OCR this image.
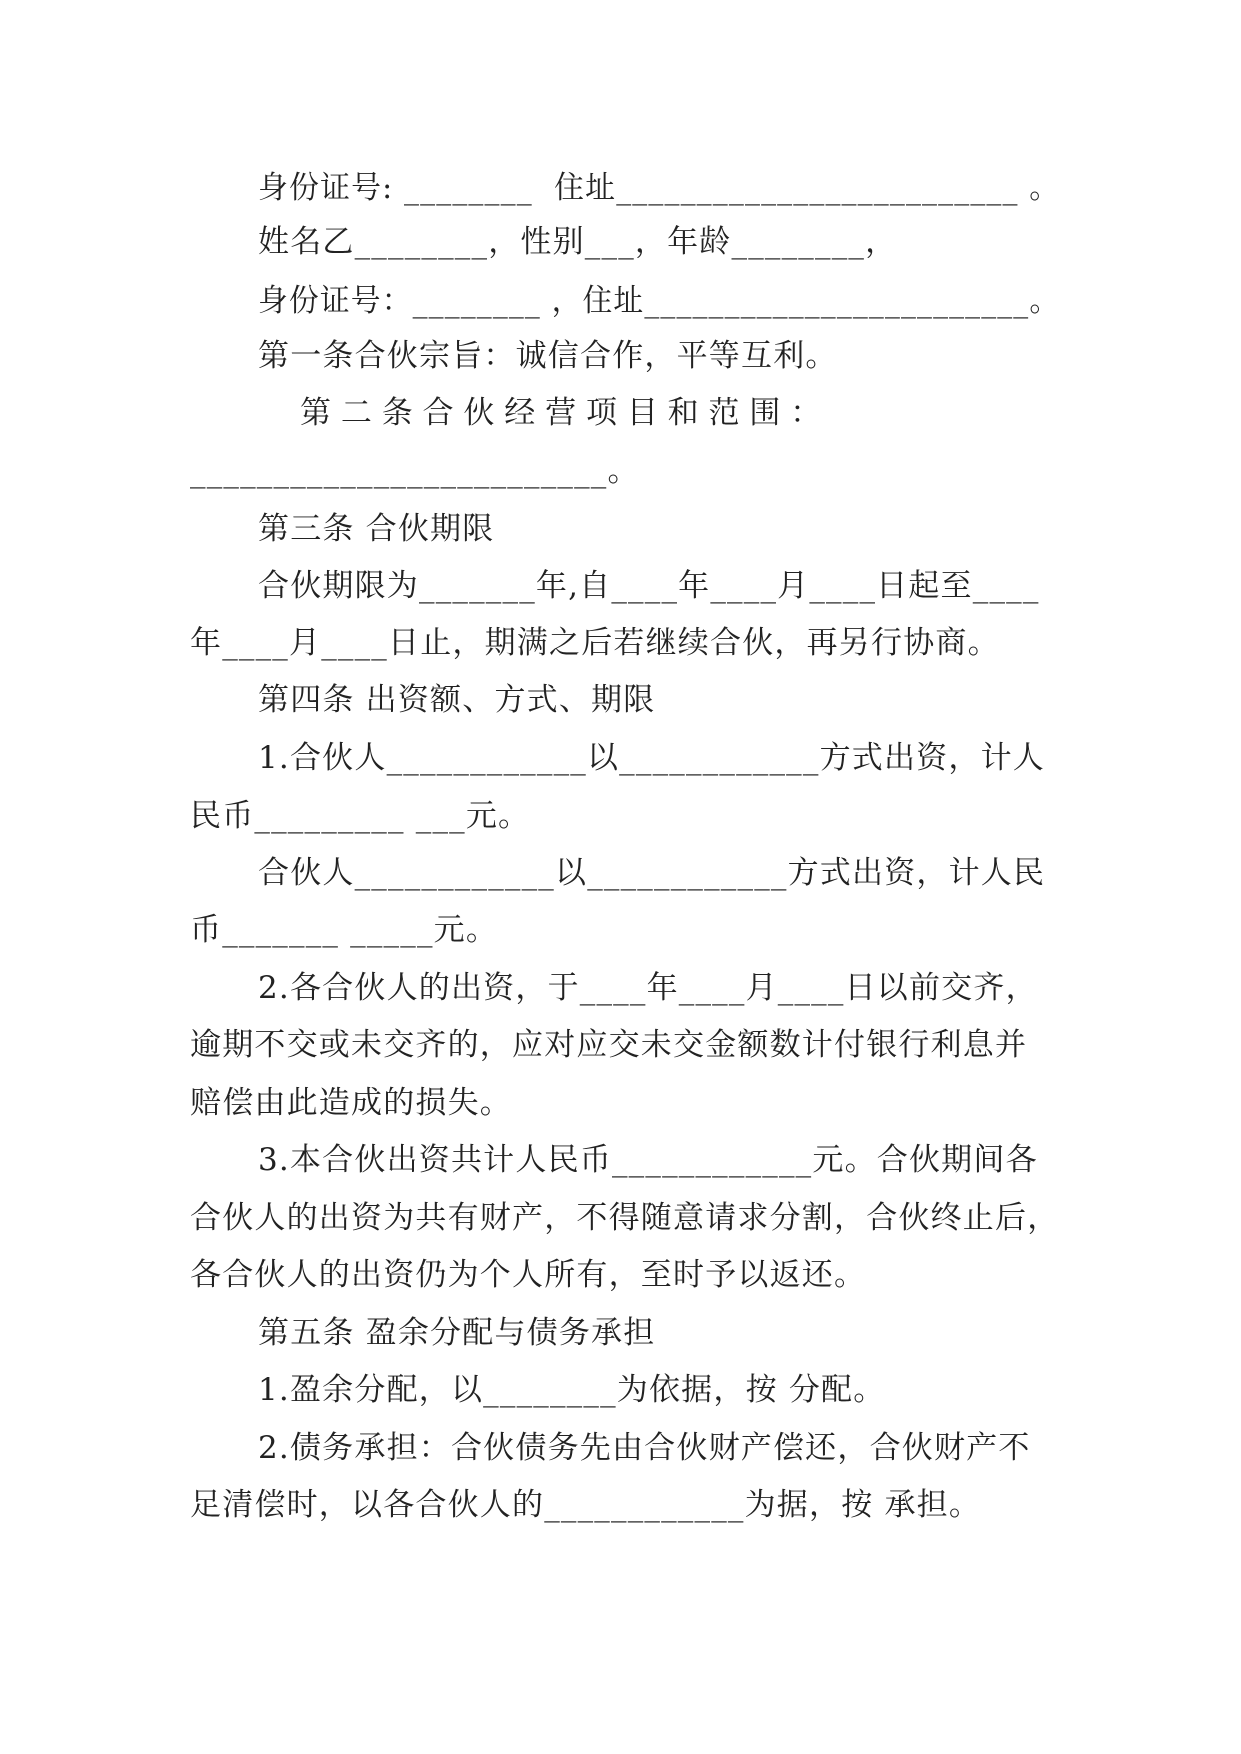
身份证号: ________  住址_________________________ 。
姓名乙________，性别___，年龄________，
身份证号：________ ，住址________________________。
第一条合伙宗旨：诚信合作，平等互利。
第 二 条 合 伙 经 营 项 目 和 范 围 ：
_________________________。
第三条 合伙期限
合伙期限为_______年,自____年____月____日起至____
年____月____日止，期满之后若继续合伙，再另行协商。
第四条 出资额、方式、期限
1.合伙人____________以____________方式出资，计人
民币_________ ___元。
合伙人____________以____________方式出资，计人民
币_______ _____元。
2.各合伙人的出资，于____年____月____日以前交齐，
逾期不交或未交齐的，应对应交未交金额数计付银行利息并
赔偿由此造成的损失。
3.本合伙出资共计人民币____________元。合伙期间各
合伙人的出资为共有财产，不得随意请求分割，合伙终止后，
各合伙人的出资仍为个人所有，至时予以返还。
第五条 盈余分配与债务承担
1.盈余分配，以________为依据，按 分配。
2.债务承担：合伙债务先由合伙财产偿还，合伙财产不
足清偿时，以各合伙人的____________为据，按 承担。
